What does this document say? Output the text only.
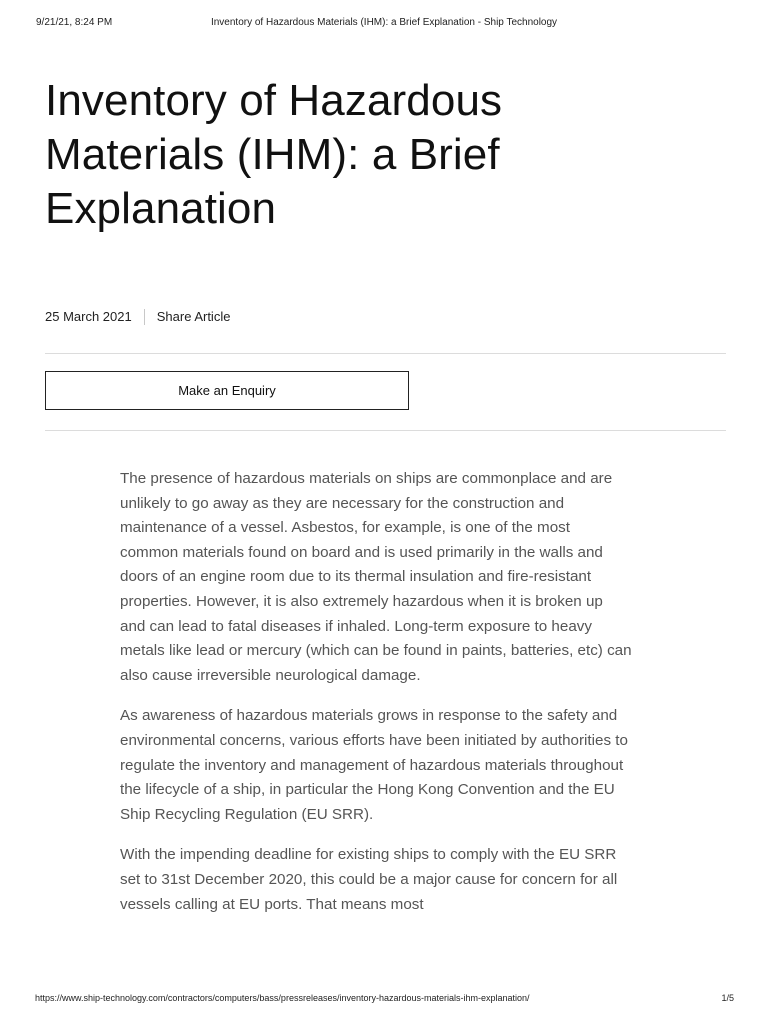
9/21/21, 8:24 PM	Inventory of Hazardous Materials (IHM): a Brief Explanation - Ship Technology
Inventory of Hazardous Materials (IHM): a Brief Explanation
25 March 2021 Share Article
Make an Enquiry

The presence of hazardous materials on ships are commonplace and are unlikely to go away as they are necessary for the construction and maintenance of a vessel. Asbestos, for example, is one of the most common materials found on board and is used primarily in the walls and doors of an engine room due to its thermal insulation and fire-resistant properties. However, it is also extremely hazardous when it is broken up and can lead to fatal diseases if inhaled. Long-term exposure to heavy metals like lead or mercury (which can be found in paints, batteries, etc) can also cause irreversible neurological damage.

As awareness of hazardous materials grows in response to the safety and environmental concerns, various efforts have been initiated by authorities to regulate the inventory and management of hazardous materials throughout the lifecycle of a ship, in particular the Hong Kong Convention and the EU Ship Recycling Regulation (EU SRR).

With the impending deadline for existing ships to comply with the EU SRR set to 31st December 2020, this could be a major cause for concern for all vessels calling at EU ports. That means most

https://www.ship-technology.com/contractors/computers/bass/pressreleases/inventory-hazardous-materials-ihm-explanation/	1/5
